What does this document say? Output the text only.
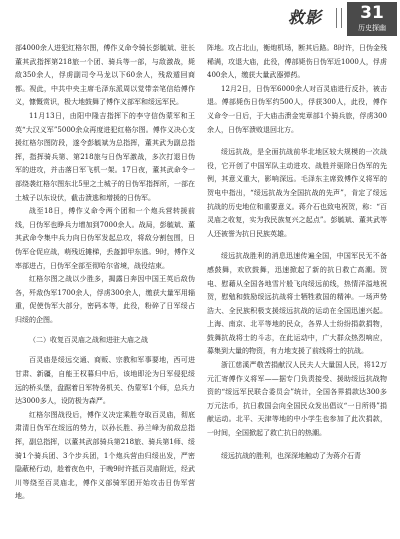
救影	31
历史探幽

部4000余人进犯红格尔图，傅作义命令骑长彭毓斌、驻长董其武指挥第218旅一个团、骑兵等一部，与敌激战，毙敌350余人，俘虏副司令马龙以下60余人，残敌遁回商都。视此，中共中央主席毛泽东派周以觉带亲笔信给傅作义，慷慨赏识，极大地鼓舞了傅作义部军和绥远军民。

11月13日，由阳中隆吉指挥下的李守信伪蒙军和王英“大汉义军”5000余众再度进犯红格尔图。傅作义决心支援红格尔图防段，遂令彭毓斌为总指挥，董其武为副总指挥，指挥骑兵第、第218旅与日伪军激战，多次打退日伪军的进攻，并击落日军飞机一架。17日夜，董其武命令一部绕袭红格尔图东北5里之土城子的日伪军指挥所，一部在土城子以东设伏，截击溃逃和增援的日伪军。

战至18日，傅作义命令两个团和一个炮兵营转援前线，日伪军也睁兵力增加到7000余人。战局，彭毓斌、董其武命令集中兵力向日伪军发起总攻，将敌分割包围，日伪军仓促应战，萌残近摊梯，丢盔卸甲东逃。9时，傅作义率部进占，日伪军全部至彻哈尔省境，战役结束。

红格尔图之战以少胜多，揭露日奔因中国王英后敌伪各，歼敌伪军1700余人，俘虏300余人，缴获大量军用辎重，促使伪军大部分，密码本等，此役，粉碎了日军绥占归绥的企图。

（二）收复百灵庙之战和进驻大庙之战

百灵庙是绥远交通、商贩、宗教和军事要地，西可进甘肃、新疆，自能王权暮归中后，该地即沦为日军侵犯绥远的桥头堡，盘踞着日军特务机关、伪蒙军1个师，总兵力达3000多人，设防极为森严。

红格尔图战役后，傅作义决定乘胜夺取百灵庙，彻底肃清日伪军在绥远的势力，以孙长胜、孙兰峰为前敌总指挥，副总指挥，以董其武部骑兵第218旅、骑兵第1师、绥骑1个骑兵团、3个步兵团，1个炮兵营由归绥出发，严密隐蔽秘行动，趁着夜色中，于晚9时许抵百灵庙附近，经武川等绕至百灵庙北，傅作义部骑军团开始攻击日伪军营地。

阵地。攻占北山，衡炮机场，断其后路。8时许，日伪金残稀满，攻退大庙，此役，傅部毙伤日伪军近1000人，俘虏400余人，缴获大量武器弹药。

12月2日，日伪军6000余人对百灵庙进行反扑，被击退。傅部毙伤日伪军约500人，俘获300人，此役，傅作义命令一日后，于大庙击溃金宪章部1个骑兵旅，俘虏300余人，日伪军溃败退回北方。

绥远抗战，是全面抗战前华北地区较大规模的一次战役，它开创了中国军队主动进攻、战胜并驱除日伪军的先例，其意义重大，影响深远。毛泽东主席致傅作义将军的贺电中指出，“绥远抗战为全国抗战的先声”，肯定了绥远抗战的历史地位和重要意义。蒋介石也致电祝贺，称：“百灵庙之收复，实为我民族复兴之起点”。彭毓斌、董其武等人还被誉为抗日民族英雄。

绥远抗战胜利的消息迅速传遍全国，中国军民无不备感鼓舞，欢欣鼓舞，迅速掀起了新的抗日救亡高潮。贺电、慰藉从全国各地雪片般飞向绥远前线，热情洋溢地祝贺，慰勉和鼓励绥远抗战将士牺牲救国的精神。一场声势浩大、全民族积极支援绥远抗战的运动在全国迅速兴起。上海、南京、北平等地的民众，各界人士纷纷捐款捐物，鼓舞抗战将士的斗志，在此运动中，广大群众热烈响应，募集到大量的物资，有力地支援了前线将士的抗战。

浙江慈溪严敬苦捐献汉人民夫人大量国人民，将12万元汇寄傅作义将军——据专门负责接受、援助绥远抗战物资的“绥远军民联合委员会”统计，全国各界捐款达300多万元法币，抗日救国会向全国民众发出倡议“一日所得”捐献运动。北平、天津等地的中小学生也参加了此次捐款，一时间，全国掀起了救亡抗日的热潮。

绥远抗战的胜利，也深深地触动了为蒋介石青
